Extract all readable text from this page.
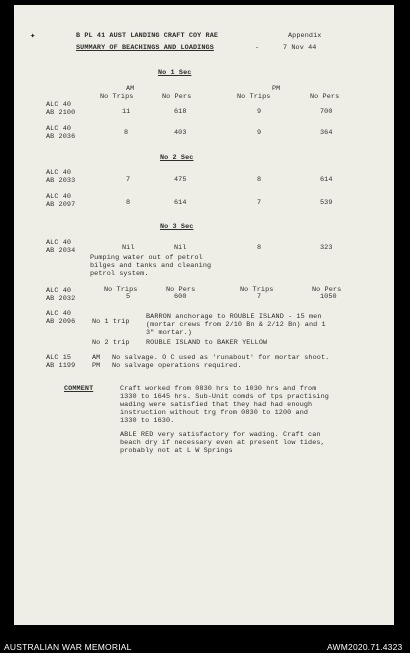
✦	B PL 41 AUST LANDING CRAFT COY RAE	Appendix
SUMMARY OF BEACHINGS AND LOADINGS	-	7 Nov 44
No 1 Sec
AM	PM
No Trips	No Pers	No Trips	No Pers
ALC 40
AB 2100	11	618	9	700
ALC 40
AB 2036	8	403	9	364
No 2 Sec
ALC 40
AB 2033	7	475	8	614
ALC 40
AB 2097	8	614	7	539
No 3 Sec
ALC 40
AB 2034	Nil	Nil	8	323
Pumping water out of petrol
bilges and tanks and cleaning
petrol system.
ALC 40
AB 2032
No Trips	No Pers	No Trips	No Pers
5	600	7	1050
ALC 40
AB 2096 No 1 trip
BARRON anchorage to ROUBLE ISLAND - 15 men
(mortar crews from 2/10 Bn & 2/12 Bn) and 1
3" mortar.)
No 2 trip ROUBLE ISLAND to BAKER YELLOW
ALC 15
AB 1199
AM
PM
No salvage. O C used as 'runabout' for mortar shoot.
No salvage operations required.
COMMENT	Craft worked from 0830 hrs to 1030 hrs and from
1330 to 1645 hrs. Sub-Unit comds of tps practising
wading were satisfied that they had had enough
instruction without trg from 0830 to 1200 and
1330 to 1630.
ABLE RED very satisfactory for wading. Craft can
beach dry if necessary even at present low tides,
probably not at L W Springs
AUSTRALIAN WAR MEMORIAL	AWM2020.71.4323
